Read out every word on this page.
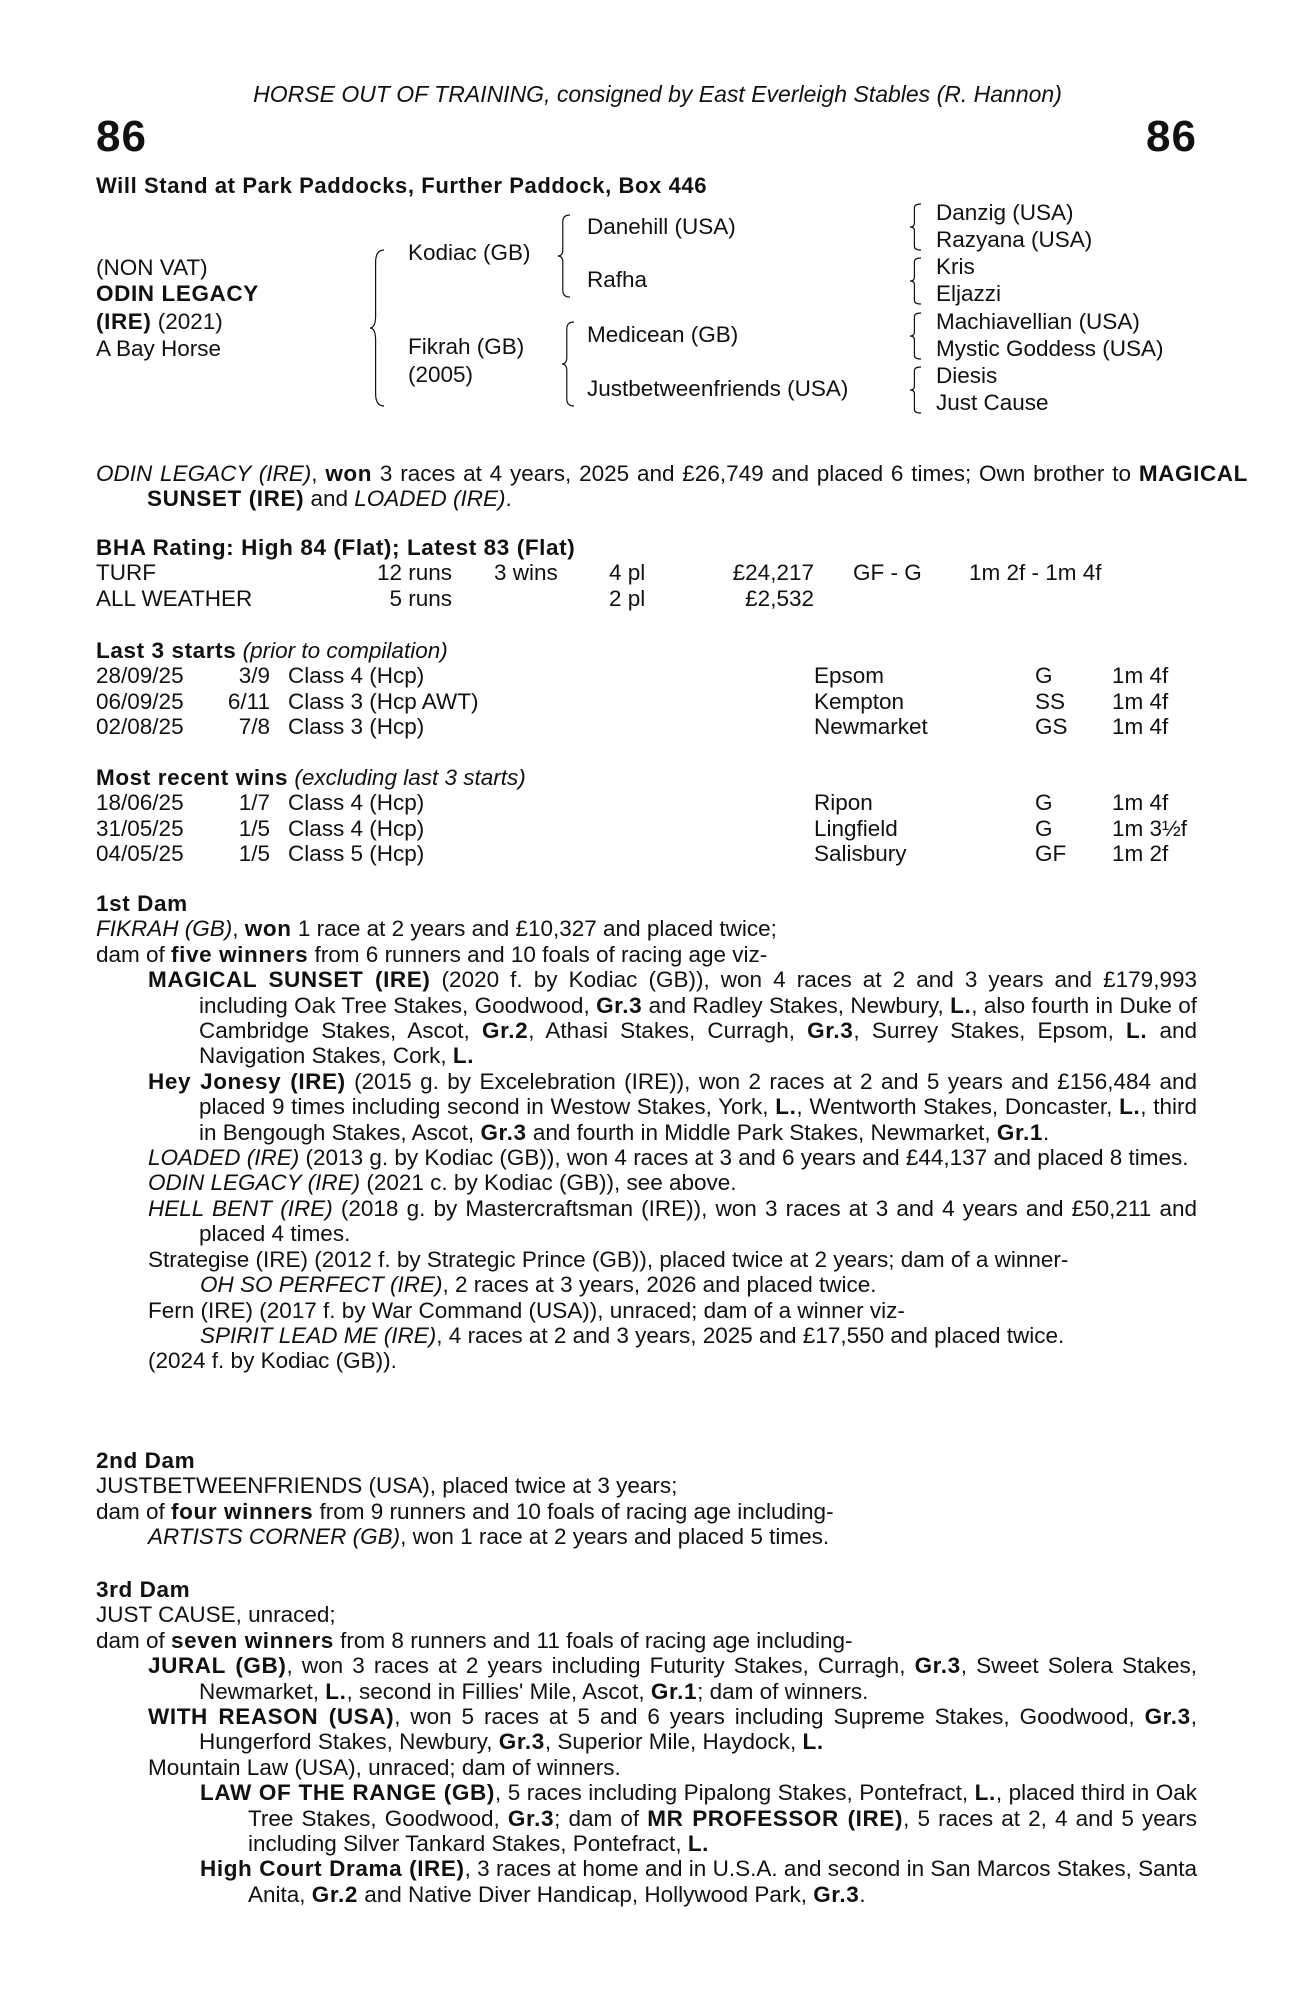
HORSE OUT OF TRAINING, consigned by East Everleigh Stables (R. Hannon)
86	86
Will Stand at Park Paddocks, Further Paddock, Box 446
(NON VAT)
ODIN LEGACY
(IRE) (2021)
A Bay Horse
Kodiac (GB)
Fikrah (GB)
(2005)
Danehill (USA)
Rafha
Medicean (GB)
Justbetweenfriends (USA)
Danzig (USA)
Razyana (USA)
Kris
Eljazzi
Machiavellian (USA)
Mystic Goddess (USA)
Diesis
Just Cause
ODIN LEGACY (IRE), won 3 races at 4 years, 2025 and £26,749 and placed 6 times; Own brother to MAGICAL SUNSET (IRE) and LOADED (IRE).
BHA Rating: High 84 (Flat); Latest 83 (Flat)
TURF	12 runs 3 wins 4 pl	£24,217 GF - G 1m 2f - 1m 4f
ALL WEATHER	5 runs	2 pl	£2,532
Last 3 starts (prior to compilation)
28/09/25 3/9 Class 4 (Hcp)	Epsom	G	1m 4f
06/09/25 6/11 Class 3 (Hcp AWT)	Kempton	SS 1m 4f
02/08/25 7/8 Class 3 (Hcp)	Newmarket	GS 1m 4f
Most recent wins (excluding last 3 starts)
18/06/25 1/7 Class 4 (Hcp)	Ripon	G	1m 4f
31/05/25 1/5 Class 4 (Hcp)	Lingfield	G	1m 3½f
04/05/25 1/5 Class 5 (Hcp)	Salisbury	GF 1m 2f
1st Dam
FIKRAH (GB), won 1 race at 2 years and £10,327 and placed twice;
dam of five winners from 6 runners and 10 foals of racing age viz-
MAGICAL SUNSET (IRE) (2020 f. by Kodiac (GB)), won 4 races at 2 and 3 years and £179,993 including Oak Tree Stakes, Goodwood, Gr.3 and Radley Stakes, Newbury, L., also fourth in Duke of Cambridge Stakes, Ascot, Gr.2, Athasi Stakes, Curragh, Gr.3, Surrey Stakes, Epsom, L. and Navigation Stakes, Cork, L.
Hey Jonesy (IRE) (2015 g. by Excelebration (IRE)), won 2 races at 2 and 5 years and £156,484 and placed 9 times including second in Westow Stakes, York, L., Wentworth Stakes, Doncaster, L., third in Bengough Stakes, Ascot, Gr.3 and fourth in Middle Park Stakes, Newmarket, Gr.1.
LOADED (IRE) (2013 g. by Kodiac (GB)), won 4 races at 3 and 6 years and £44,137 and placed 8 times.
ODIN LEGACY (IRE) (2021 c. by Kodiac (GB)), see above.
HELL BENT (IRE) (2018 g. by Mastercraftsman (IRE)), won 3 races at 3 and 4 years and £50,211 and placed 4 times.
Strategise (IRE) (2012 f. by Strategic Prince (GB)), placed twice at 2 years; dam of a winner-
OH SO PERFECT (IRE), 2 races at 3 years, 2026 and placed twice.
Fern (IRE) (2017 f. by War Command (USA)), unraced; dam of a winner viz-
SPIRIT LEAD ME (IRE), 4 races at 2 and 3 years, 2025 and £17,550 and placed twice.
(2024 f. by Kodiac (GB)).
2nd Dam
JUSTBETWEENFRIENDS (USA), placed twice at 3 years;
dam of four winners from 9 runners and 10 foals of racing age including-
ARTISTS CORNER (GB), won 1 race at 2 years and placed 5 times.
3rd Dam
JUST CAUSE, unraced;
dam of seven winners from 8 runners and 11 foals of racing age including-
JURAL (GB), won 3 races at 2 years including Futurity Stakes, Curragh, Gr.3, Sweet Solera Stakes, Newmarket, L., second in Fillies' Mile, Ascot, Gr.1; dam of winners.
WITH REASON (USA), won 5 races at 5 and 6 years including Supreme Stakes, Goodwood, Gr.3, Hungerford Stakes, Newbury, Gr.3, Superior Mile, Haydock, L.
Mountain Law (USA), unraced; dam of winners.
LAW OF THE RANGE (GB), 5 races including Pipalong Stakes, Pontefract, L., placed third in Oak Tree Stakes, Goodwood, Gr.3; dam of MR PROFESSOR (IRE), 5 races at 2, 4 and 5 years including Silver Tankard Stakes, Pontefract, L.
High Court Drama (IRE), 3 races at home and in U.S.A. and second in San Marcos Stakes, Santa Anita, Gr.2 and Native Diver Handicap, Hollywood Park, Gr.3.
